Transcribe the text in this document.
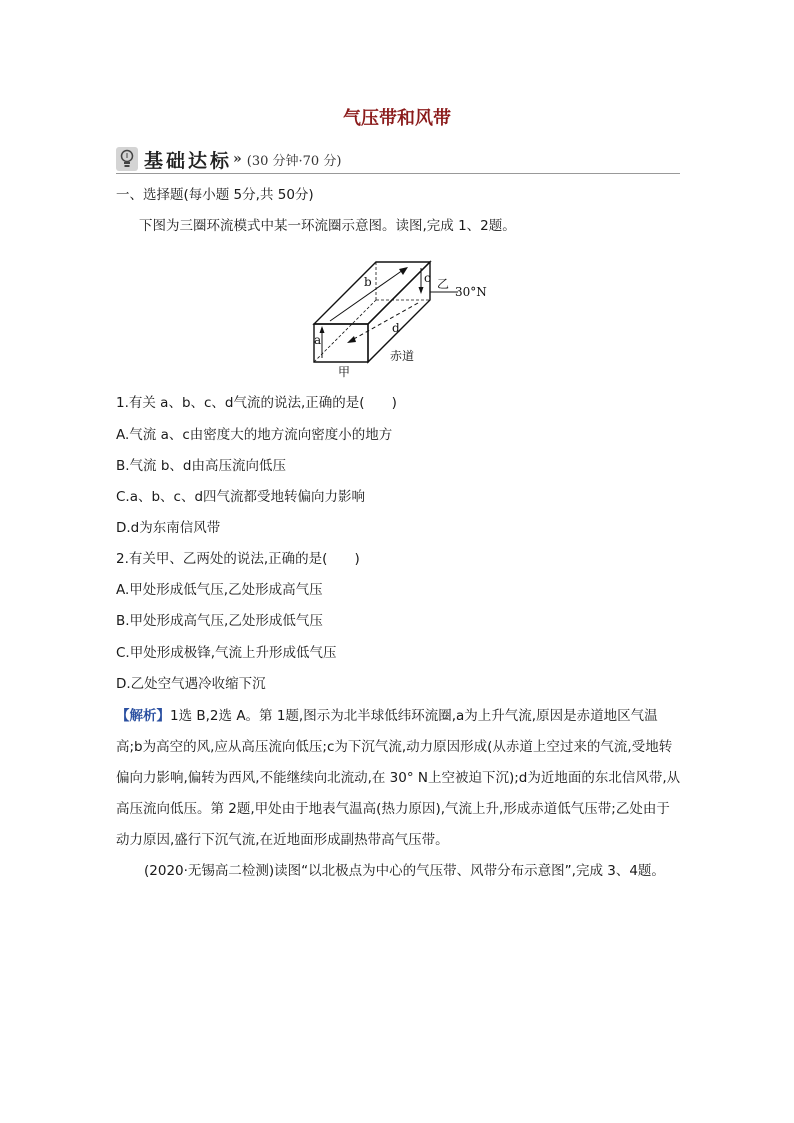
气压带和风带
基础达标 » (30 分钟·70 分)
一、选择题(每小题 5分,共 50分)
下图为三圈环流模式中某一环流圈示意图。读图,完成 1、2题。
a
b	c
d
乙
30°N
赤道
甲
1.有关 a、b、c、d气流的说法,正确的是(　　)
A.气流 a、c由密度大的地方流向密度小的地方
B.气流 b、d由高压流向低压
C.a、b、c、d四气流都受地转偏向力影响
D.d为东南信风带
2.有关甲、乙两处的说法,正确的是(　　)
A.甲处形成低气压,乙处形成高气压
B.甲处形成高气压,乙处形成低气压
C.甲处形成极锋,气流上升形成低气压
D.乙处空气遇冷收缩下沉
【解析】1选 B,2选 A。第 1题,图示为北半球低纬环流圈,a为上升气流,原因是赤道地区气温高;b为高空的风,应从高压流向低压;c为下沉气流,动力原因形成(从赤道上空过来的气流,受地转偏向力影响,偏转为西风,不能继续向北流动,在 30° N上空被迫下沉);d为近地面的东北信风带,从高压流向低压。第 2题,甲处由于地表气温高(热力原因),气流上升,形成赤道低气压带;乙处由于动力原因,盛行下沉气流,在近地面形成副热带高气压带。
(2020·无锡高二检测)读图“以北极点为中心的气压带、风带分布示意图”,完成 3、4题。
